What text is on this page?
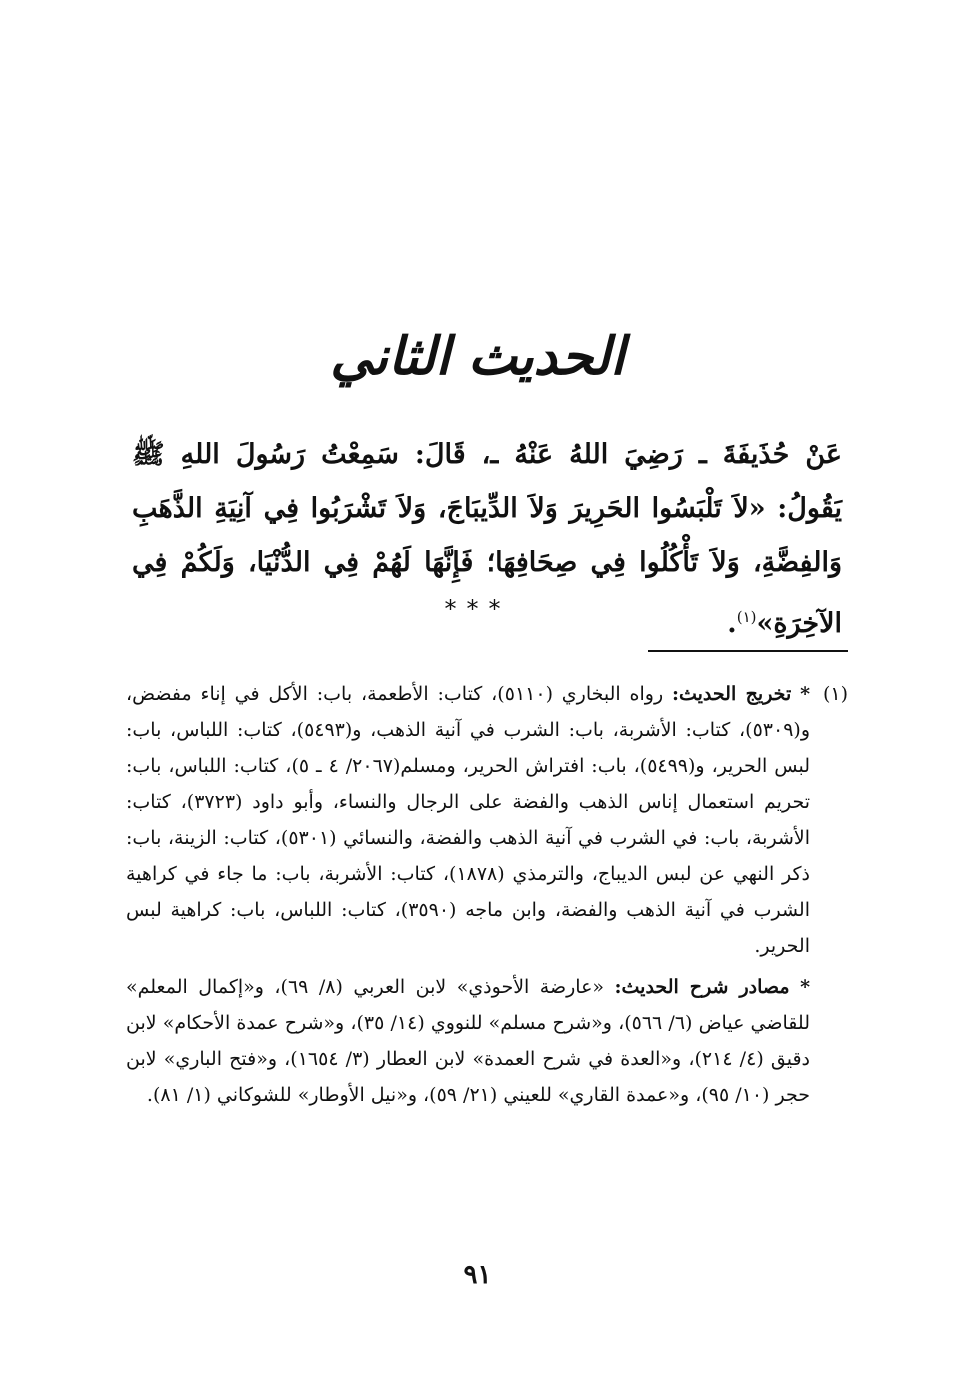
الحديث الثاني

عَنْ حُذَيفَةَ ـ رَضِيَ اللهُ عَنْهُ ـ، قَالَ: سَمِعْتُ رَسُولَ اللهِ ﷺ يَقُولُ: «لاَ تَلْبَسُوا الحَرِيرَ وَلاَ الدِّيبَاجَ، وَلاَ تَشْرَبُوا فِي آنِيَةِ الذَّهَبِ وَالفِضَّةِ، وَلاَ تَأْكُلُوا فِي صِحَافِهَا؛ فَإِنَّهَا لَهُمْ فِي الدُّنْيَا، وَلَكُمْ فِي الآخِرَةِ»$^{(١)}$.

***

(١)
* تخريج الحديث: رواه البخاري (٥١١٠)، كتاب: الأطعمة، باب: الأكل في إناء مفضض، و(٥٣٠٩)، كتاب: الأشربة، باب: الشرب في آنية الذهب، و(٥٤٩٣)، كتاب: اللباس، باب: لبس الحرير، و(٥٤٩٩)، باب: افتراش الحرير، ومسلم(٢٠٦٧/ ٤ ـ ٥)، كتاب: اللباس، باب: تحريم استعمال إناس الذهب والفضة على الرجال والنساء، وأبو داود (٣٧٢٣)، كتاب: الأشربة، باب: في الشرب في آنية الذهب والفضة، والنسائي (٥٣٠١)، كتاب: الزينة، باب: ذكر النهي عن لبس الديباج، والترمذي (١٨٧٨)، كتاب: الأشربة، باب: ما جاء في كراهية الشرب في آنية الذهب والفضة، وابن ماجه (٣٥٩٠)، كتاب: اللباس، باب: كراهية لبس الحرير.
* مصادر شرح الحديث: «عارضة الأحوذي» لابن العربي (٨/ ٦٩)، و«إكمال المعلم» للقاضي عياض (٦/ ٥٦٦)، و«شرح مسلم» للنووي (١٤/ ٣٥)، و«شرح عمدة الأحكام» لابن دقيق (٤/ ٢١٤)، و«العدة في شرح العمدة» لابن العطار (٣/ ١٦٥٤)، و«فتح الباري» لابن حجر (١٠/ ٩٥)، و«عمدة القاري» للعيني (٢١/ ٥٩)، و«نيل الأوطار» للشوكاني (١/ ٨١).

٩١
